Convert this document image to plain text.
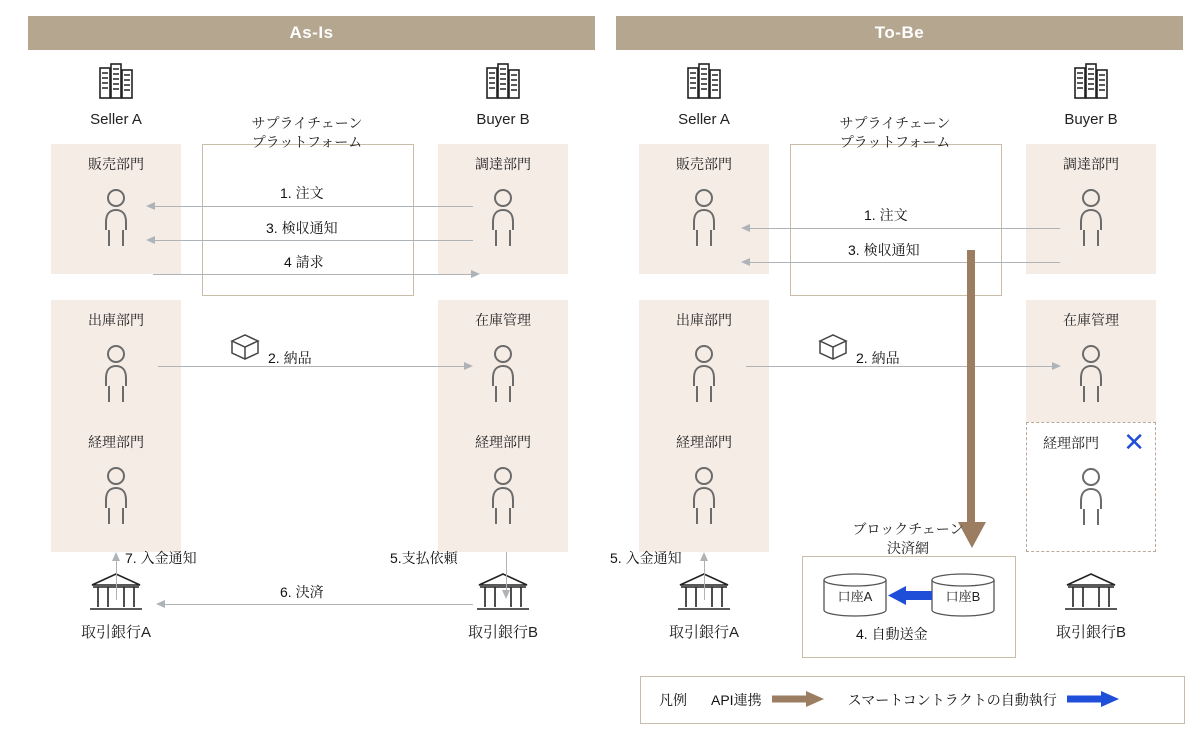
As-Is
Seller A	Buyer B
サプライチェーン
プラットフォーム
販売部門	調達部門
出庫部門	在庫管理
経理部門	経理部門
1. 注文
3. 検収通知
4 請求
2. 納品
取引銀行A	取引銀行B
7. 入金通知	5.支払依頼
6. 決済
To-Be
Seller A	Buyer B
サプライチェーン
プラットフォーム
販売部門	調達部門
出庫部門	在庫管理
経理部門	経理部門 ✕
1. 注文
3. 検収通知
2. 納品
ブロックチェーン
決済網
口座A	口座B
4. 自動送金
取引銀行A	取引銀行B
5. 入金通知
凡例 API連携	スマートコントラクトの自動執行
